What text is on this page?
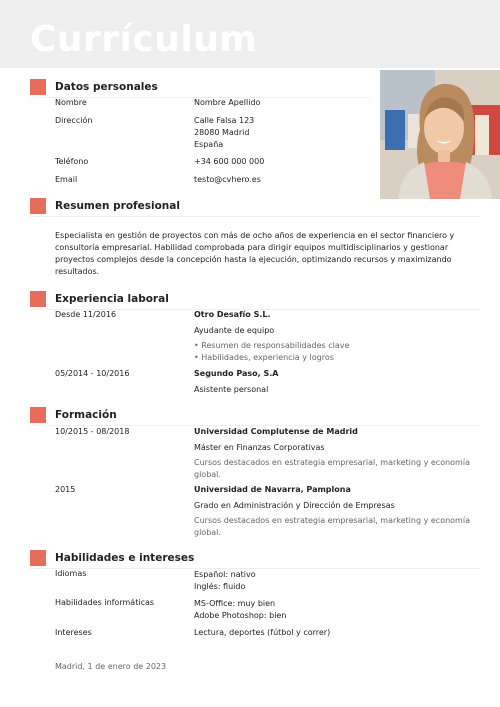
Currículum
Datos personales
Nombre	Nombre Apellido
Dirección	Calle Falsa 123
28080 Madrid
España
Teléfono	+34 600 000 000
Email	testo@cvhero.es
Resumen profesional
Especialista en gestión de proyectos con más de ocho años de experiencia en el sector financiero y consultoría empresarial. Habilidad comprobada para dirigir equipos multidisciplinarios y gestionar proyectos complejos desde la concepción hasta la ejecución, optimizando recursos y maximizando resultados.
Experiencia laboral
Desde 11/2016	Otro Desafío S.L.
Ayudante de equipo
• Resumen de responsabilidades clave
• Habilidades, experiencia y logros
05/2014 - 10/2016	Segundo Paso, S.A
Asistente personal
Formación
10/2015 - 08/2018	Universidad Complutense de Madrid
Máster en Finanzas Corporativas
Cursos destacados en estrategia empresarial, marketing y economía global.
2015	Universidad de Navarra, Pamplona
Grado en Administración y Dirección de Empresas
Cursos destacados en estrategia empresarial, marketing y economía global.
Habilidades e intereses
Idiomas	Español: nativo
Inglés: fluido
Habilidades informáticas	MS-Office: muy bien
Adobe Photoshop: bien
Intereses	Lectura, deportes (fútbol y correr)
Madrid, 1 de enero de 2023
